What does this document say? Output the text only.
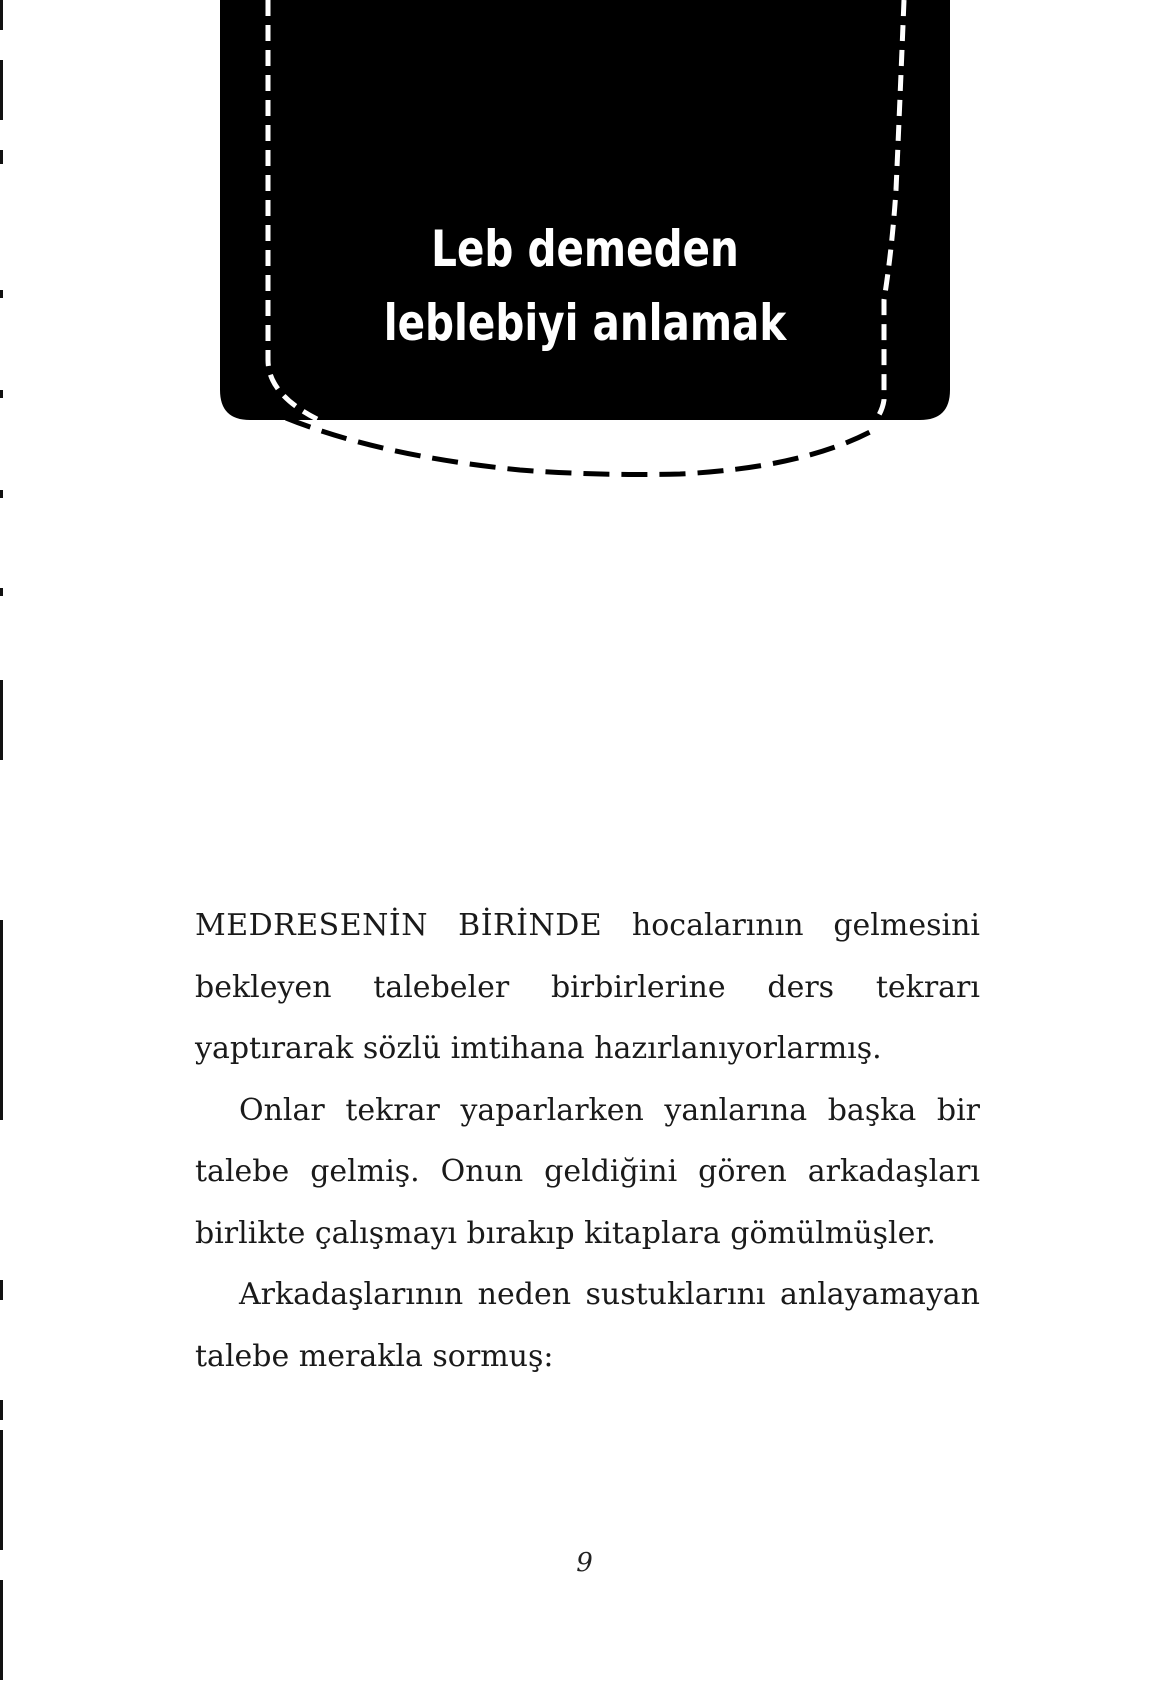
Leb demeden
leblebiyi anlamak

MEDRESENİN BİRİNDE hocalarının gelmesini bekleyen talebeler birbirlerine ders tekrarı yaptırarak sözlü imtihana hazırlanıyorlarmış.

Onlar tekrar yaparlarken yanlarına başka bir talebe gelmiş. Onun geldiğini gören arkadaşları birlikte çalışmayı bırakıp kitaplara gömülmüşler.

Arkadaşlarının neden sustuklarını anlayamayan talebe merakla sormuş:

9
